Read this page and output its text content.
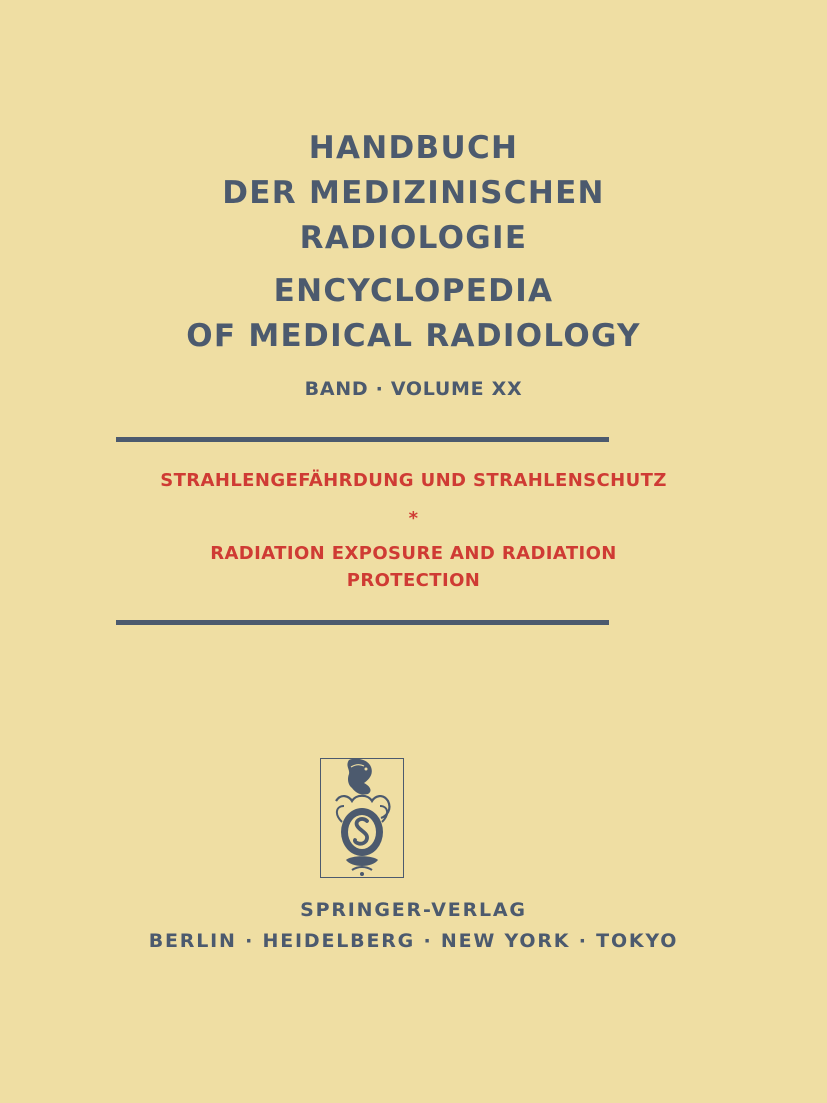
HANDBUCH
DER MEDIZINISCHEN
RADIOLOGIE
ENCYCLOPEDIA
OF MEDICAL RADIOLOGY
BAND · VOLUME XX
STRAHLENGEFÄHRDUNG UND STRAHLENSCHUTZ
*
RADIATION EXPOSURE AND RADIATION
PROTECTION
SPRINGER-VERLAG
BERLIN · HEIDELBERG · NEW YORK · TOKYO
